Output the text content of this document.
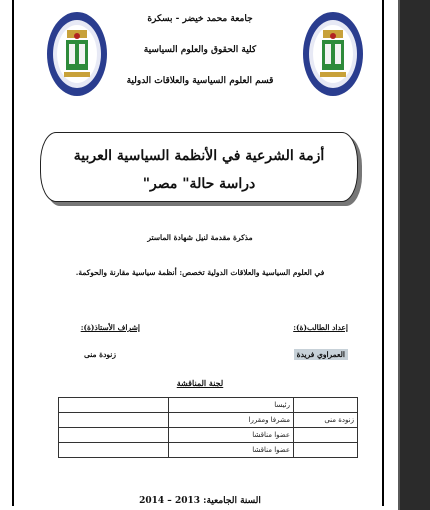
جامعة محمد خيضر - بسكرة
كلية الحقوق والعلوم السياسية
قسم العلوم السياسية والعلاقات الدولية
أزمة الشرعية في الأنظمة السياسية العربية
دراسة حالة" مصر"
مذكرة مقدمة لنيل شهادة الماستر
في العلوم السياسية والعلاقات الدولية تخصص: أنظمة سياسية مقارنة والحوكمة.
إعداد الطالب(ة):
إشراف الأستاذ(ة):
العمراوي فريدة
زنودة منى
لجنة المناقشة
	رئيسا	
	مشرفا ومقررا	زنودة منى
	عضوا مناقشا	
	عضوا مناقشا	
السنة الجامعية: 2013 – 2014
